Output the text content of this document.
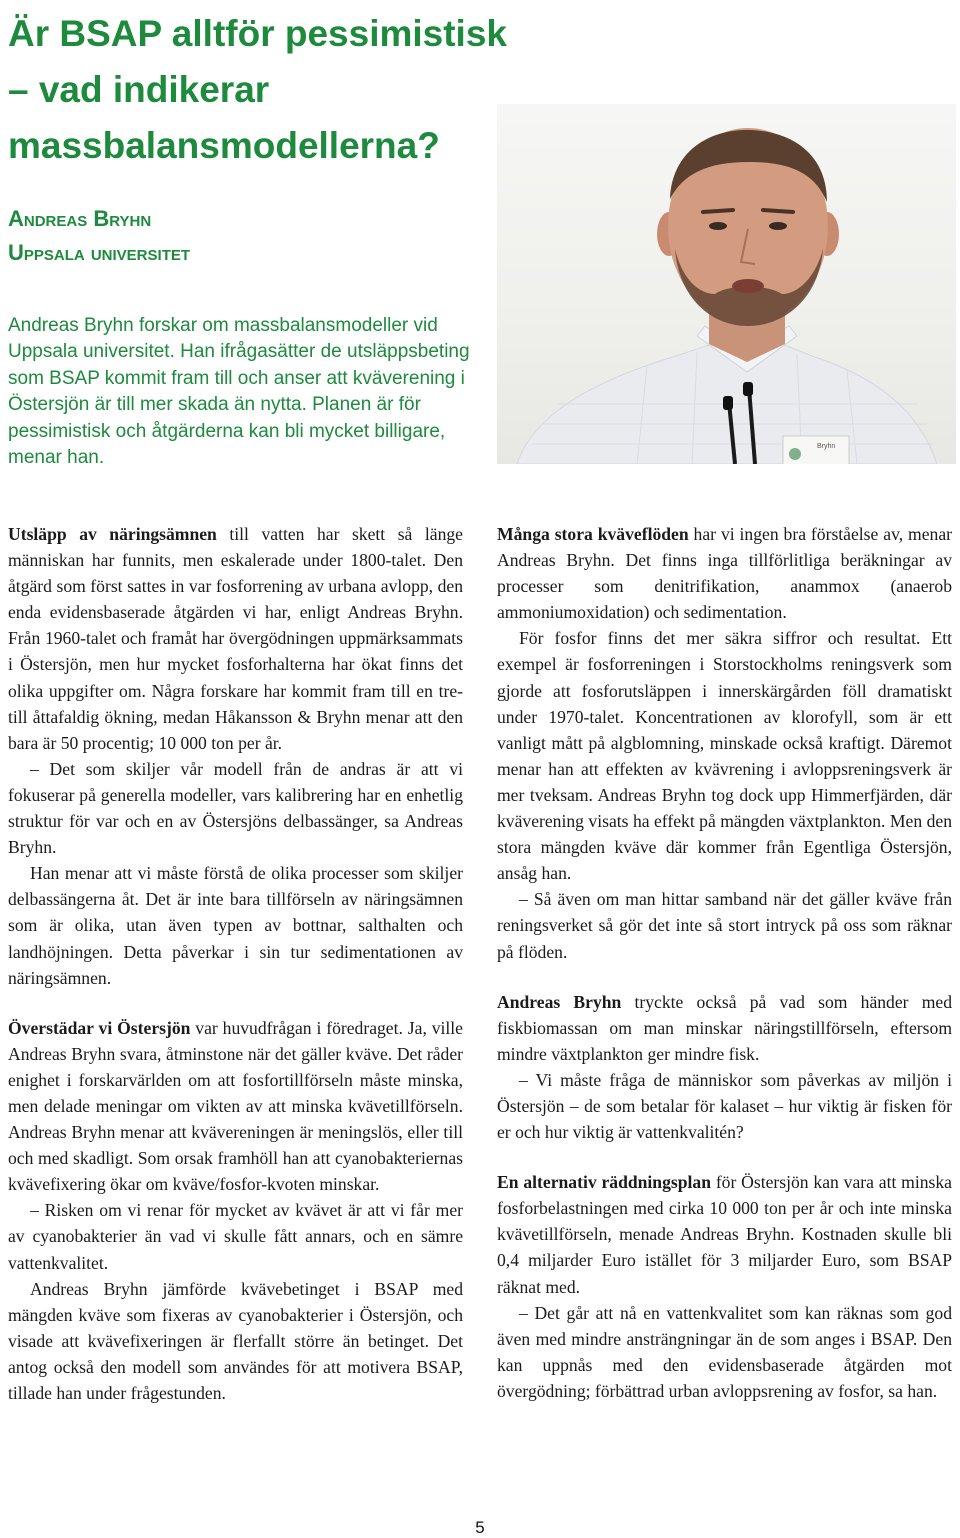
Är BSAP alltför pessimistisk
– vad indikerar
massbalansmodellerna?
Andreas Bryhn
Uppsala universitet

Andreas Bryhn forskar om massbalansmodeller vid Uppsala universitet. Han ifrågasätter de utsläppsbeting som BSAP kommit fram till och anser att kväverening i Östersjön är till mer skada än nytta. Planen är för pessimistisk och åtgärderna kan bli mycket billigare, menar han.

Bryhn

Utsläpp av näringsämnen till vatten har skett så länge människan har funnits, men eskalerade under 1800-talet. Den åtgärd som först sattes in var fosforrening av urbana avlopp, den enda evidensbaserade åtgärden vi har, enligt Andreas Bryhn. Från 1960-talet och framåt har övergödningen uppmärksammats i Östersjön, men hur mycket fosforhalterna har ökat finns det olika uppgifter om. Några forskare har kommit fram till en tre- till åttafaldig ökning, medan Håkansson & Bryhn menar att den bara är 50 procentig; 10 000 ton per år.

– Det som skiljer vår modell från de andras är att vi fokuserar på generella modeller, vars kalibrering har en enhetlig struktur för var och en av Östersjöns delbassänger, sa Andreas Bryhn.

Han menar att vi måste förstå de olika processer som skiljer delbassängerna åt. Det är inte bara tillförseln av näringsämnen som är olika, utan även typen av bottnar, salthalten och landhöjningen. Detta påverkar i sin tur sedimentationen av näringsämnen.

Överstädar vi Östersjön var huvudfrågan i föredraget. Ja, ville Andreas Bryhn svara, åtminstone när det gäller kväve. Det råder enighet i forskarvärlden om att fosfortillförseln måste minska, men delade meningar om vikten av att minska kvävetillförseln. Andreas Bryhn menar att kvävereningen är meningslös, eller till och med skadligt. Som orsak framhöll han att cyanobakteriernas kvävefixering ökar om kväve/fosfor-kvoten minskar.

– Risken om vi renar för mycket av kvävet är att vi får mer av cyanobakterier än vad vi skulle fått annars, och en sämre vattenkvalitet.

Andreas Bryhn jämförde kvävebetinget i BSAP med mängden kväve som fixeras av cyanobakterier i Östersjön, och visade att kvävefixeringen är flerfallt större än betinget. Det antog också den modell som användes för att motivera BSAP, tillade han under frågestunden.

Många stora kväveflöden har vi ingen bra förståelse av, menar Andreas Bryhn. Det finns inga tillförlitliga beräkningar av processer som denitrifikation, anammox (anaerob ammoniumoxidation) och sedimentation.

För fosfor finns det mer säkra siffror och resultat. Ett exempel är fosforreningen i Storstockholms reningsverk som gjorde att fosforutsläppen i innerskärgården föll dramatiskt under 1970-talet. Koncentrationen av klorofyll, som är ett vanligt mått på algblomning, minskade också kraftigt. Däremot menar han att effekten av kvävrening i avloppsreningsverk är mer tveksam. Andreas Bryhn tog dock upp Himmerfjärden, där kväverening visats ha effekt på mängden växtplankton. Men den stora mängden kväve där kommer från Egentliga Östersjön, ansåg han.

– Så även om man hittar samband när det gäller kväve från reningsverket så gör det inte så stort intryck på oss som räknar på flöden.

Andreas Bryhn tryckte också på vad som händer med fiskbiomassan om man minskar näringstillförseln, eftersom mindre växtplankton ger mindre fisk.

– Vi måste fråga de människor som påverkas av miljön i Östersjön – de som betalar för kalaset – hur viktig är fisken för er och hur viktig är vattenkvalitén?

En alternativ räddningsplan för Östersjön kan vara att minska fosforbelastningen med cirka 10 000 ton per år och inte minska kvävetillförseln, menade Andreas Bryhn. Kostnaden skulle bli 0,4 miljarder Euro istället för 3 miljarder Euro, som BSAP räknat med.

– Det går att nå en vattenkvalitet som kan räknas som god även med mindre ansträngningar än de som anges i BSAP. Den kan uppnås med den evidensbaserade åtgärden mot övergödning; förbättrad urban avloppsrening av fosfor, sa han.

5
